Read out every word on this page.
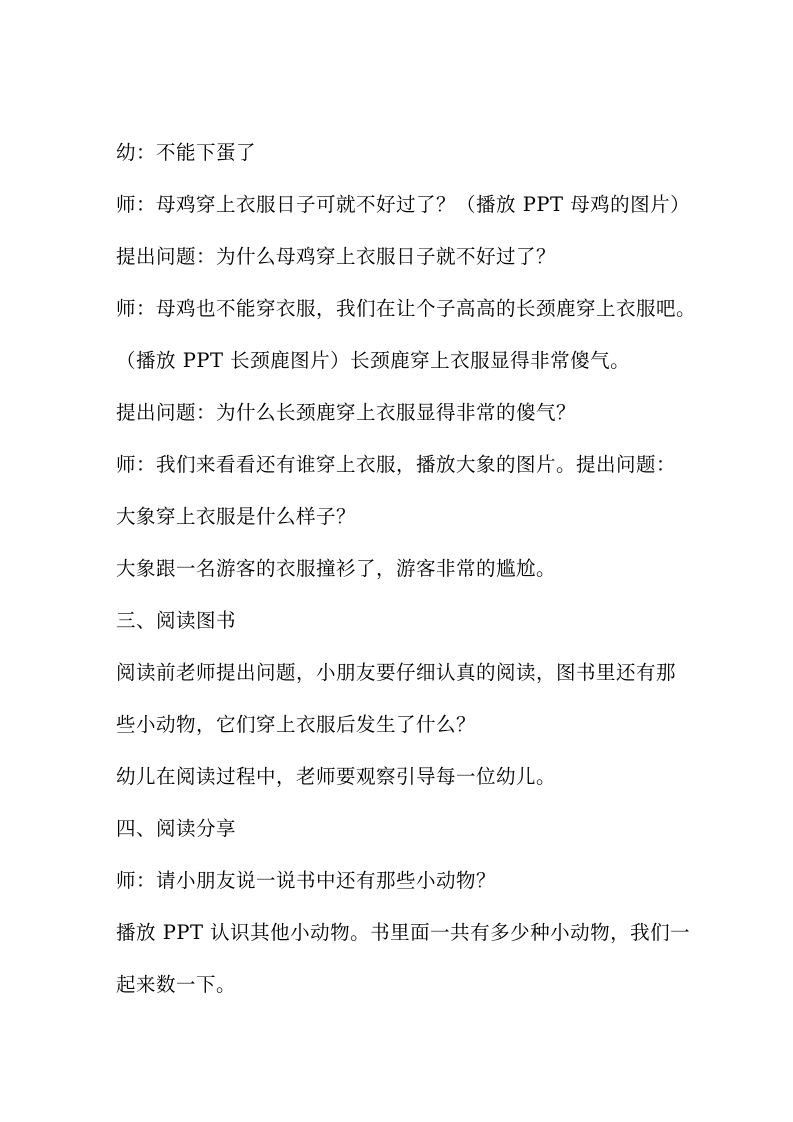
幼：不能下蛋了
师：母鸡穿上衣服日子可就不好过了？（播放 PPT 母鸡的图片）
提出问题：为什么母鸡穿上衣服日子就不好过了？
师：母鸡也不能穿衣服，我们在让个子高高的长颈鹿穿上衣服吧。
（播放 PPT 长颈鹿图片）长颈鹿穿上衣服显得非常傻气。
提出问题：为什么长颈鹿穿上衣服显得非常的傻气？
师：我们来看看还有谁穿上衣服，播放大象的图片。提出问题：
大象穿上衣服是什么样子？
大象跟一名游客的衣服撞衫了，游客非常的尴尬。
三、阅读图书
阅读前老师提出问题，小朋友要仔细认真的阅读，图书里还有那
些小动物，它们穿上衣服后发生了什么？
幼儿在阅读过程中，老师要观察引导每一位幼儿。
四、阅读分享
师：请小朋友说一说书中还有那些小动物？
播放 PPT 认识其他小动物。书里面一共有多少种小动物，我们一
起来数一下。
